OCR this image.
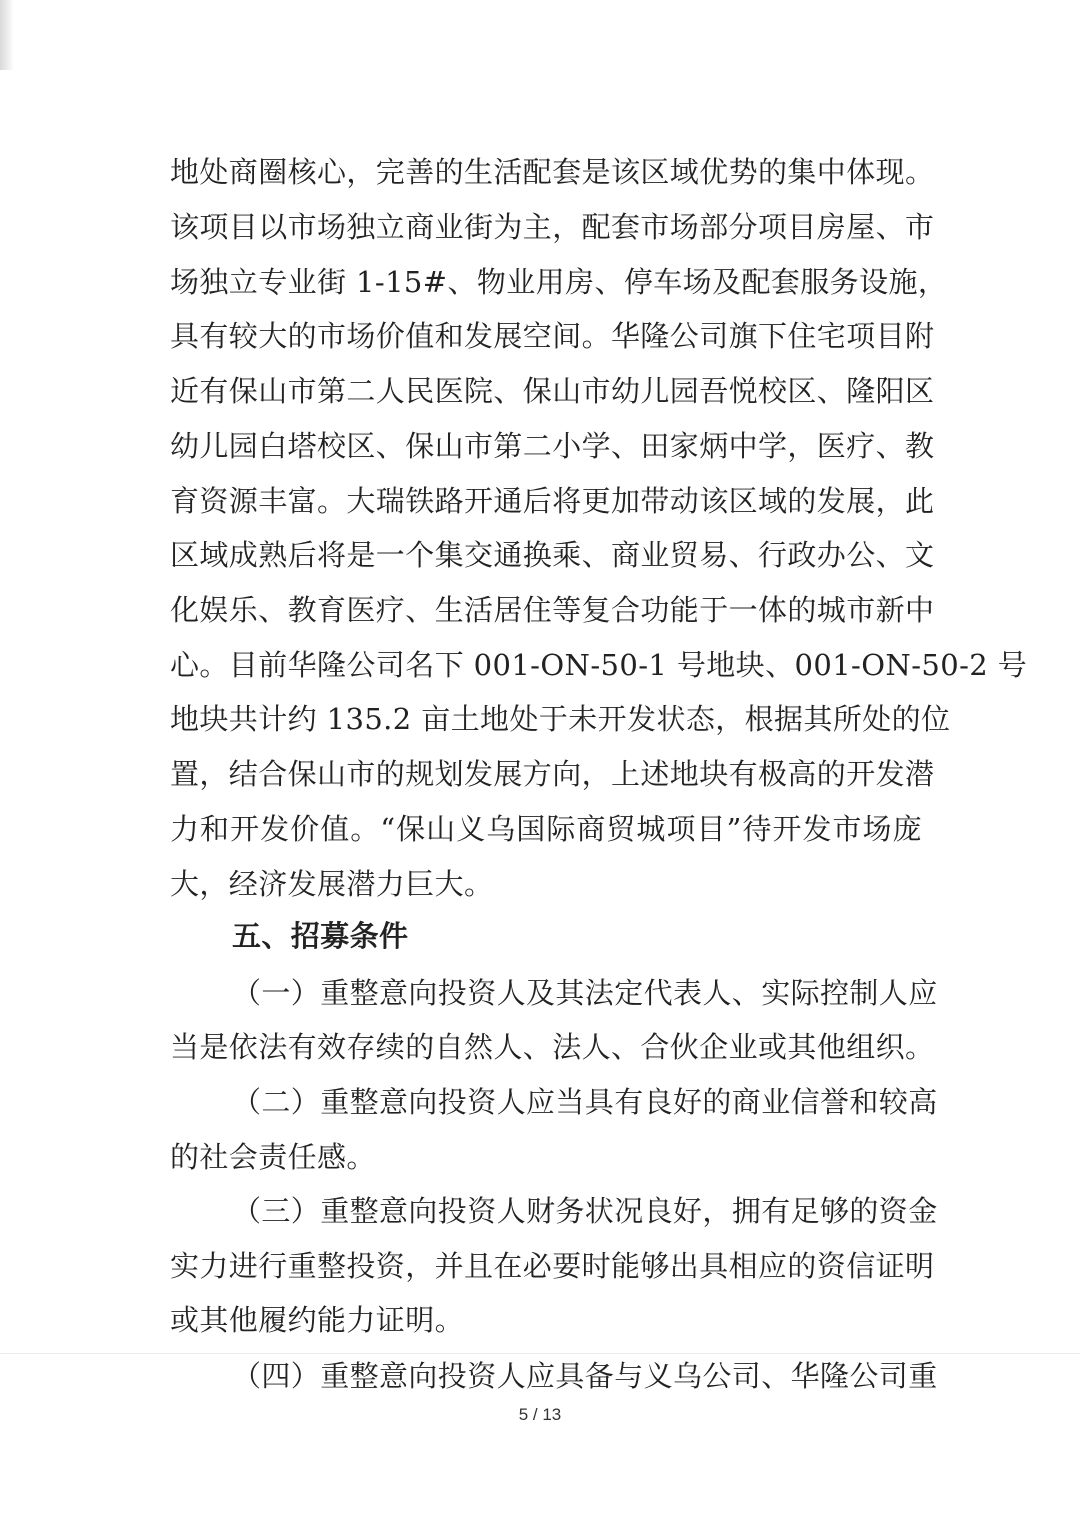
地处商圈核心，完善的生活配套是该区域优势的集中体现。
该项目以市场独立商业街为主，配套市场部分项目房屋、市
场独立专业街 1-15#、物业用房、停车场及配套服务设施，
具有较大的市场价值和发展空间。华隆公司旗下住宅项目附
近有保山市第二人民医院、保山市幼儿园吾悦校区、隆阳区
幼儿园白塔校区、保山市第二小学、田家炳中学，医疗、教
育资源丰富。大瑞铁路开通后将更加带动该区域的发展，此
区域成熟后将是一个集交通换乘、商业贸易、行政办公、文
化娱乐、教育医疗、生活居住等复合功能于一体的城市新中
心。目前华隆公司名下 001-ON-50-1 号地块、001-ON-50-2 号
地块共计约 135.2 亩土地处于未开发状态，根据其所处的位
置，结合保山市的规划发展方向，上述地块有极高的开发潜
力和开发价值。“保山义乌国际商贸城项目”待开发市场庞
大，经济发展潜力巨大。
五、招募条件
（一）重整意向投资人及其法定代表人、实际控制人应
当是依法有效存续的自然人、法人、合伙企业或其他组织。
（二）重整意向投资人应当具有良好的商业信誉和较高
的社会责任感。
（三）重整意向投资人财务状况良好，拥有足够的资金
实力进行重整投资，并且在必要时能够出具相应的资信证明
或其他履约能力证明。
（四）重整意向投资人应具备与义乌公司、华隆公司重
5 / 13
